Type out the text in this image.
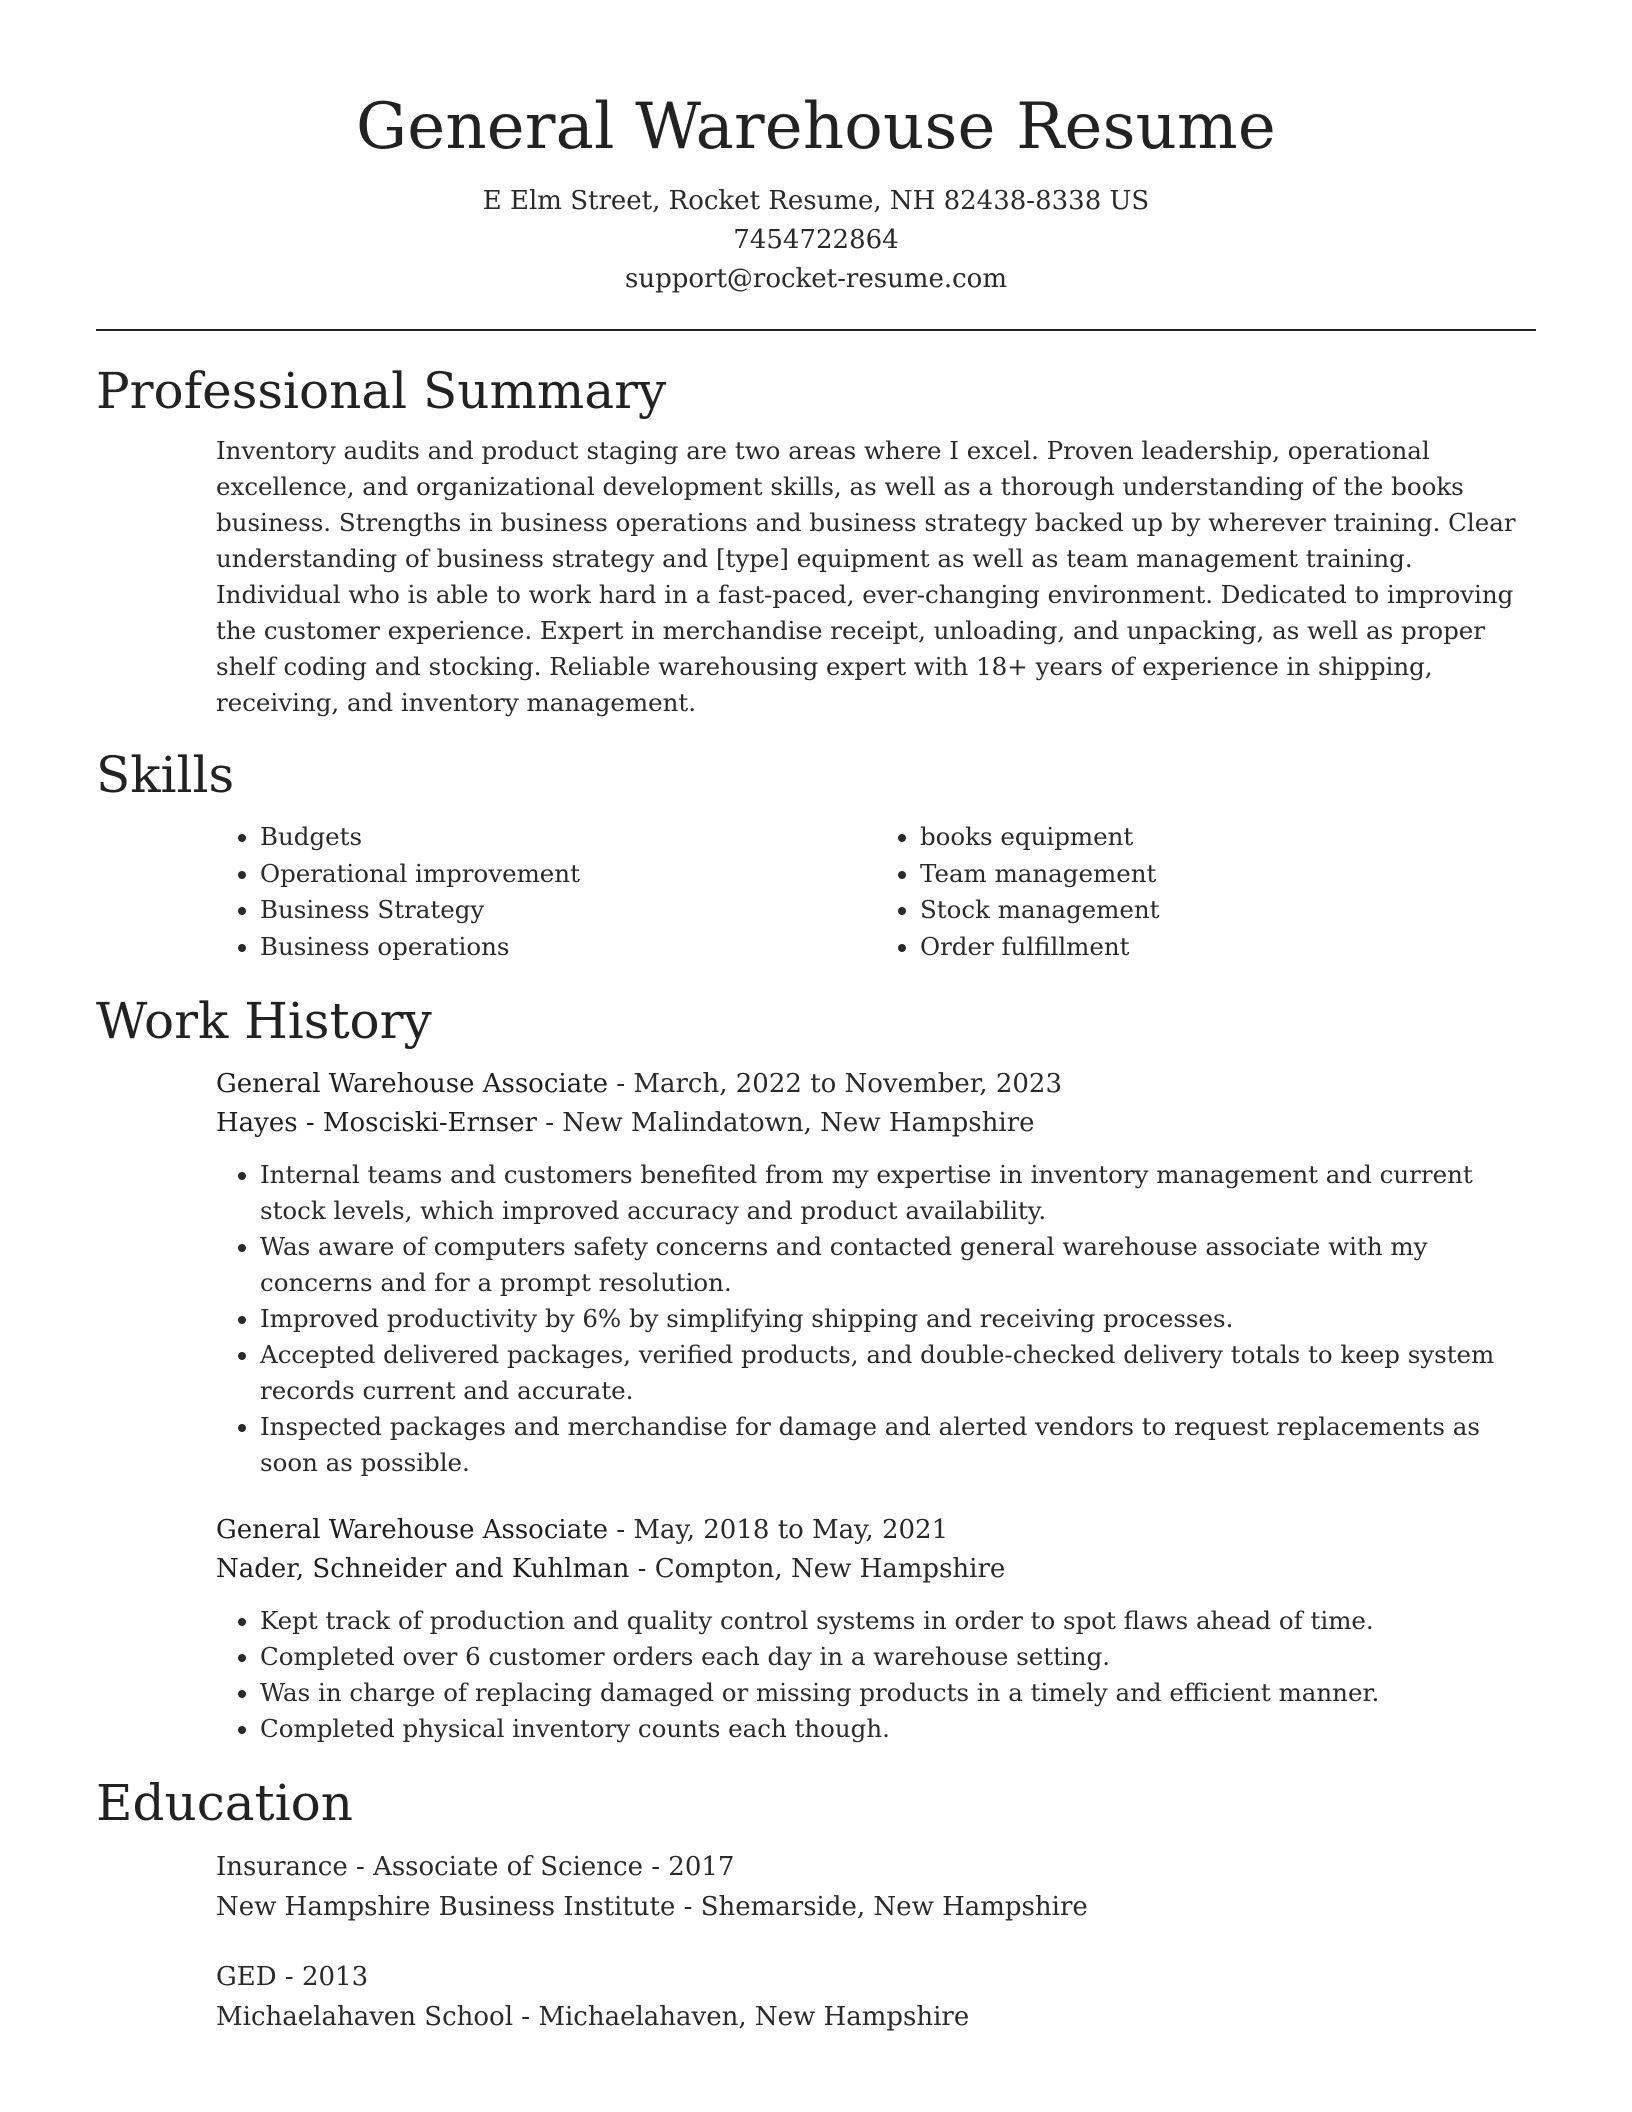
General Warehouse Resume
E Elm Street, Rocket Resume, NH 82438-8338 US
7454722864
support@rocket-resume.com
Professional Summary

Inventory audits and product staging are two areas where I excel. Proven leadership, operational excellence, and organizational development skills, as well as a thorough understanding of the books business. Strengths in business operations and business strategy backed up by wherever training. Clear understanding of business strategy and [type] equipment as well as team management training. Individual who is able to work hard in a fast-paced, ever-changing environment. Dedicated to improving the customer experience. Expert in merchandise receipt, unloading, and unpacking, as well as proper shelf coding and stocking. Reliable warehousing expert with 18+ years of experience in shipping, receiving, and inventory management.

Skills
• Budgets
• Operational improvement
• Business Strategy
• Business operations
• books equipment
• Team management
• Stock management
• Order fulfillment
Work History
General Warehouse Associate - March, 2022 to November, 2023
Hayes - Mosciski-Ernser - New Malindatown, New Hampshire
• Internal teams and customers benefited from my expertise in inventory management and current stock levels, which improved accuracy and product availability.
• Was aware of computers safety concerns and contacted general warehouse associate with my concerns and for a prompt resolution.
• Improved productivity by 6% by simplifying shipping and receiving processes.
• Accepted delivered packages, verified products, and double-checked delivery totals to keep system records current and accurate.
• Inspected packages and merchandise for damage and alerted vendors to request replacements as soon as possible.
General Warehouse Associate - May, 2018 to May, 2021
Nader, Schneider and Kuhlman - Compton, New Hampshire
• Kept track of production and quality control systems in order to spot flaws ahead of time.
• Completed over 6 customer orders each day in a warehouse setting.
• Was in charge of replacing damaged or missing products in a timely and efficient manner.
• Completed physical inventory counts each though.
Education
Insurance - Associate of Science - 2017
New Hampshire Business Institute - Shemarside, New Hampshire
GED - 2013
Michaelahaven School - Michaelahaven, New Hampshire
